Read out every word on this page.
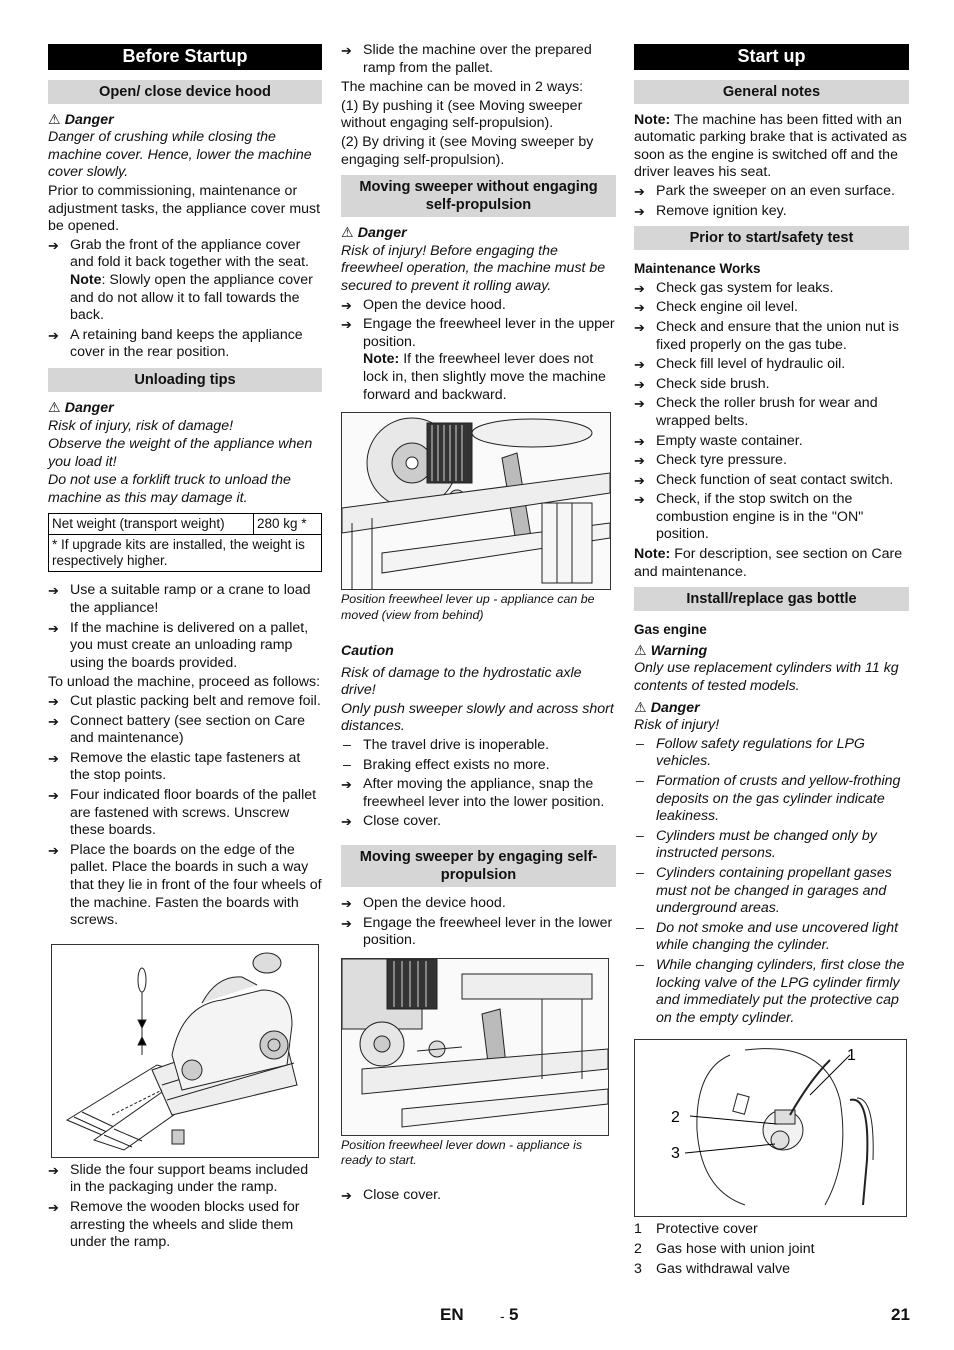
Before Startup
Open/ close device hood
⚠ Danger

Danger of crushing while closing the machine cover. Hence, lower the machine cover slowly.

Prior to commissioning, maintenance or adjustment tasks, the appliance cover must be opened.

➔ Grab the front of the appliance cover and fold it back together with the seat.
Note: Slowly open the appliance cover and do not allow it to fall towards the back.
➔ A retaining band keeps the appliance cover in the rear position.
Unloading tips
⚠ Danger

Risk of injury, risk of damage!

Observe the weight of the appliance when you load it!

Do not use a forklift truck to unload the machine as this may damage it.

Net weight (transport weight)	280 kg *
* If upgrade kits are installed, the weight is respectively higher.
➔ Use a suitable ramp or a crane to load the appliance!
➔ If the machine is delivered on a pallet, you must create an unloading ramp using the boards provided.

To unload the machine, proceed as follows:

➔ Cut plastic packing belt and remove foil.
➔ Connect battery (see section on Care and maintenance)
➔ Remove the elastic tape fasteners at the stop points.
➔ Four indicated floor boards of the pallet are fastened with screws. Unscrew these boards.
➔ Place the boards on the edge of the pallet. Place the boards in such a way that they lie in front of the four wheels of the machine. Fasten the boards with screws.
➔ Slide the four support beams included in the packaging under the ramp.
➔ Remove the wooden blocks used for arresting the wheels and slide them under the ramp.
➔ Slide the machine over the prepared ramp from the pallet.

The machine can be moved in 2 ways:

(1) By pushing it (see Moving sweeper without engaging self-propulsion).

(2) By driving it (see Moving sweeper by engaging self-propulsion).

Moving sweeper without engaging self-propulsion
⚠ Danger

Risk of injury! Before engaging the freewheel operation, the machine must be secured to prevent it rolling away.

➔ Open the device hood.
➔ Engage the freewheel lever in the upper position.
Note: If the freewheel lever does not lock in, then slightly move the machine forward and backward.
Position freewheel lever up - appliance can be moved (view from behind)
Caution

Risk of damage to the hydrostatic axle drive!

Only push sweeper slowly and across short distances.

– The travel drive is inoperable.
– Braking effect exists no more.
➔ After moving the appliance, snap the freewheel lever into the lower position.
➔ Close cover.
Moving sweeper by engaging self-propulsion
➔ Open the device hood.
➔ Engage the freewheel lever in the lower position.
Position freewheel lever down - appliance is ready to start.
➔ Close cover.
Start up
General notes

Note: The machine has been fitted with an automatic parking brake that is activated as soon as the engine is switched off and the driver leaves his seat.

➔ Park the sweeper on an even surface.
➔ Remove ignition key.
Prior to start/safety test
Maintenance Works
➔ Check gas system for leaks.
➔ Check engine oil level.
➔ Check and ensure that the union nut is fixed properly on the gas tube.
➔ Check fill level of hydraulic oil.
➔ Check side brush.
➔ Check the roller brush for wear and wrapped belts.
➔ Empty waste container.
➔ Check tyre pressure.
➔ Check function of seat contact switch.
➔ Check, if the stop switch on the combustion engine is in the "ON" position.

Note: For description, see section on Care and maintenance.

Install/replace gas bottle
Gas engine
⚠ Warning

Only use replacement cylinders with 11 kg contents of tested models.

⚠ Danger

Risk of injury!

– Follow safety regulations for LPG vehicles.
– Formation of crusts and yellow-frothing deposits on the gas cylinder indicate leakiness.
– Cylinders must be changed only by instructed persons.
– Cylinders containing propellant gases must not be changed in garages and underground areas.
– Do not smoke and use uncovered light while changing the cylinder.
– While changing cylinders, first close the locking valve of the LPG cylinder firmly and immediately put the protective cap on the empty cylinder.
1
2
3
1 Protective cover
2 Gas hose with union joint
3 Gas withdrawal valve
EN	- 5	21
